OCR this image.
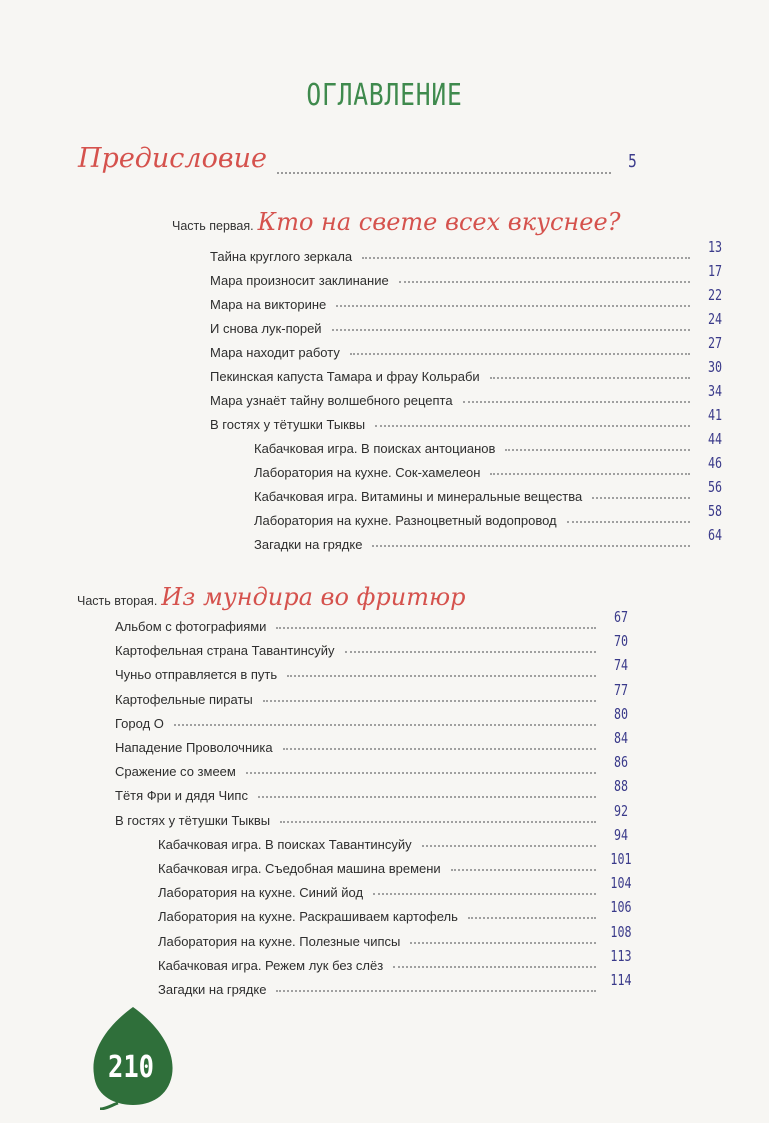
ОГЛАВЛЕНИЕ
Предисловие	5
Часть первая. Кто на свете всех вкуснее?
Тайна круглого зеркала
13
Мара произносит заклинание
17
Мара на викторине
22
И снова лук-порей
24
Мара находит работу
27
Пекинская капуста Тамара и фрау Кольраби
30
Мара узнаёт тайну волшебного рецепта
34
В гостях у тётушки Тыквы
41
Кабачковая игра. В поисках антоцианов
44
Лаборатория на кухне. Сок-хамелеон
46
Кабачковая игра. Витамины и минеральные вещества
56
Лаборатория на кухне. Разноцветный водопровод
58
Загадки на грядке
64
Часть вторая. Из мундира во фритюр
Альбом с фотографиями
67
Картофельная страна Тавантинсуйу
70
Чуньо отправляется в путь
74
Картофельные пираты
77
Город О
80
Нападение Проволочника
84
Сражение со змеем
86
Тётя Фри и дядя Чипс
88
В гостях у тётушки Тыквы
92
Кабачковая игра. В поисках Тавантинсуйу
94
Кабачковая игра. Съедобная машина времени
101
Лаборатория на кухне. Синий йод
104
Лаборатория на кухне. Раскрашиваем картофель
106
Лаборатория на кухне. Полезные чипсы
108
Кабачковая игра. Режем лук без слёз
113
Загадки на грядке
114
210
